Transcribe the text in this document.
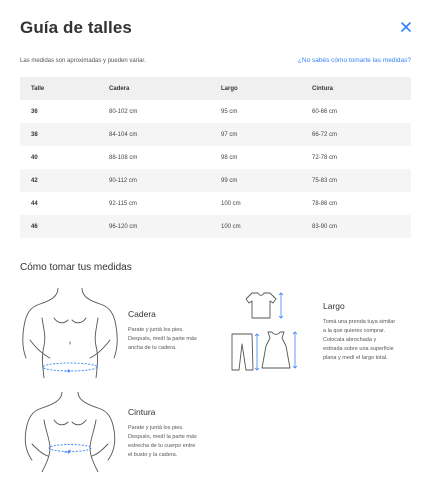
Guía de talles
Las medidas son aproximadas y pueden variar.	¿No sabés cómo tomarte las medidas?
Talle	Cadera	Largo	Cintura
36	80-102 cm	95 cm	60-66 cm
38	84-104 cm	97 cm	66-72 cm
40	88-108 cm	98 cm	72-78 cm
42	90-112 cm	99 cm	75-83 cm
44	92-115 cm	100 cm	78-86 cm
46	96-120 cm	100 cm	83-90 cm
Cómo tomar tus medidas
Cadera

Parate y juntá los pies.

Después, medí la parte más

ancha de tu cadera.

Largo

Tomá una prenda tuya similar

a la que quieres comprar.

Colocala abrochada y

estirada sobre una superficie

plana y medí el largo total.

Cintura

Parate y juntá los pies.

Después, medí la parte más

estrecha de tu cuerpo entre

el busto y la cadera.
